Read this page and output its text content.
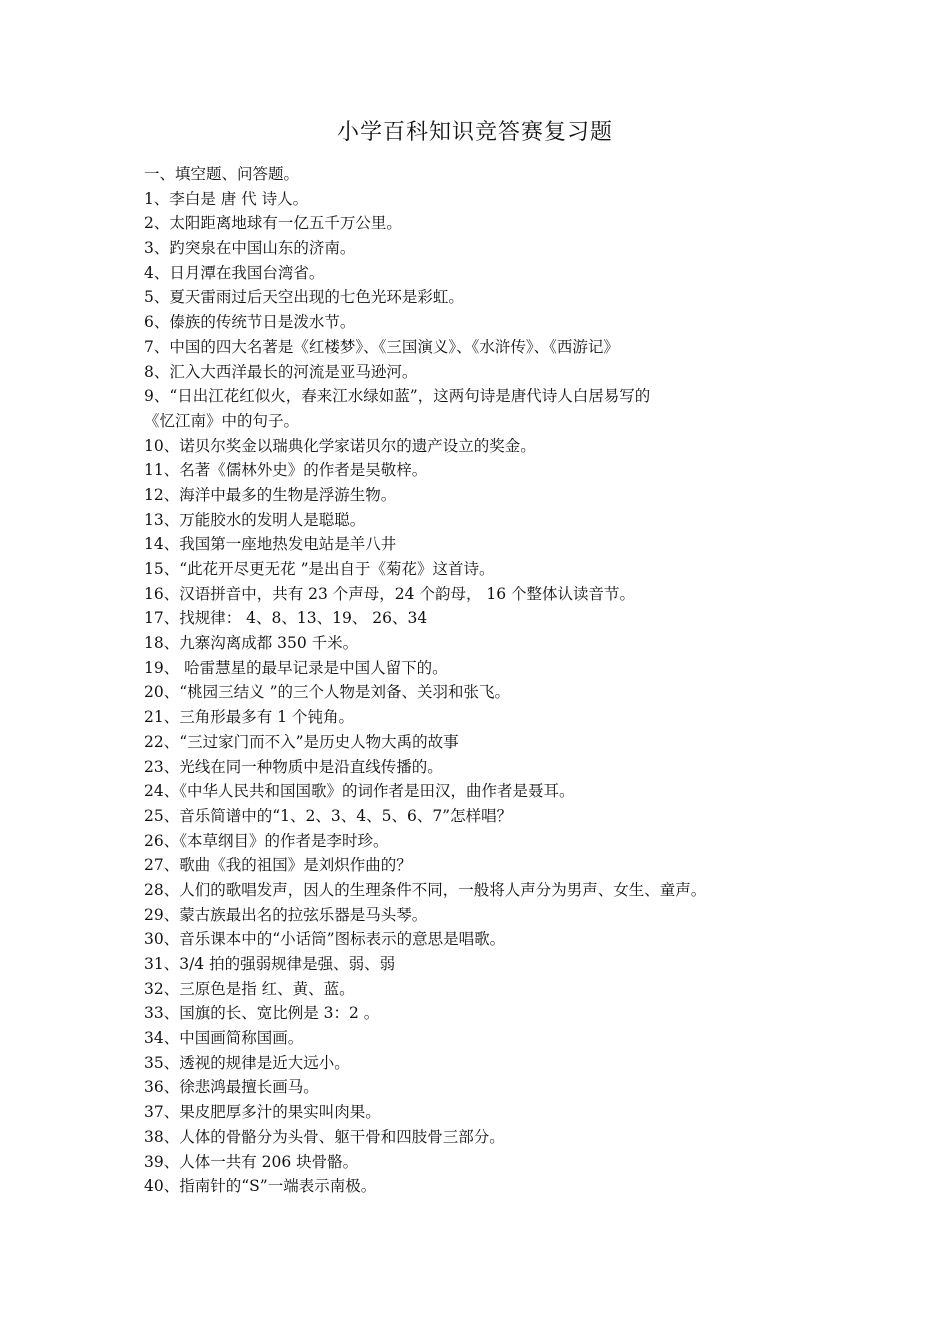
小学百科知识竞答赛复习题
一、填空题、问答题。
1、李白是 唐 代 诗人。
2、太阳距离地球有一亿五千万公里。
3、趵突泉在中国山东的济南。
4、日月潭在我国台湾省。
5、夏天雷雨过后天空出现的七色光环是彩虹。
6、傣族的传统节日是泼水节。
7、中国的四大名著是《红楼梦》、《三国演义》、《水浒传》、《西游记》
8、汇入大西洋最长的河流是亚马逊河。
9、“日出江花红似火，春来江水绿如蓝”，这两句诗是唐代诗人白居易写的
《忆江南》中的句子。
10、诺贝尔奖金以瑞典化学家诺贝尔的遗产设立的奖金。
11、名著《儒林外史》的作者是吴敬梓。
12、海洋中最多的生物是浮游生物。
13、万能胶水的发明人是聪聪。
14、我国第一座地热发电站是羊八井
15、“此花开尽更无花 ”是出自于《菊花》这首诗。
16、汉语拼音中，共有 23 个声母，24 个韵母， 16 个整体认读音节。
17、找规律： 4、8、13、19、 26、34
18、九寨沟离成都 350 千米。
19、 哈雷慧星的最早记录是中国人留下的。
20、“桃园三结义 ”的三个人物是刘备、关羽和张飞。
21、三角形最多有 1 个钝角。
22、“三过家门而不入”是历史人物大禹的故事
23、光线在同一种物质中是沿直线传播的。
24、《中华人民共和国国歌》的词作者是田汉，曲作者是聂耳。
25、音乐简谱中的“1、2、3、4、5、6、7”怎样唱？
26、《本草纲目》的作者是李时珍。
27、歌曲《我的祖国》是刘炽作曲的？
28、人们的歌唱发声，因人的生理条件不同，一般将人声分为男声、女生、童声。
29、蒙古族最出名的拉弦乐器是马头琴。
30、音乐课本中的“小话筒”图标表示的意思是唱歌。
31、3/4 拍的强弱规律是强、弱、弱
32、三原色是指 红、黄、蓝。
33、国旗的长、宽比例是 3：2 。
34、中国画简称国画。
35、透视的规律是近大远小。
36、徐悲鸿最擅长画马。
37、果皮肥厚多汁的果实叫肉果。
38、人体的骨骼分为头骨、躯干骨和四肢骨三部分。
39、人体一共有 206 块骨骼。
40、指南针的“S”一端表示南极。
